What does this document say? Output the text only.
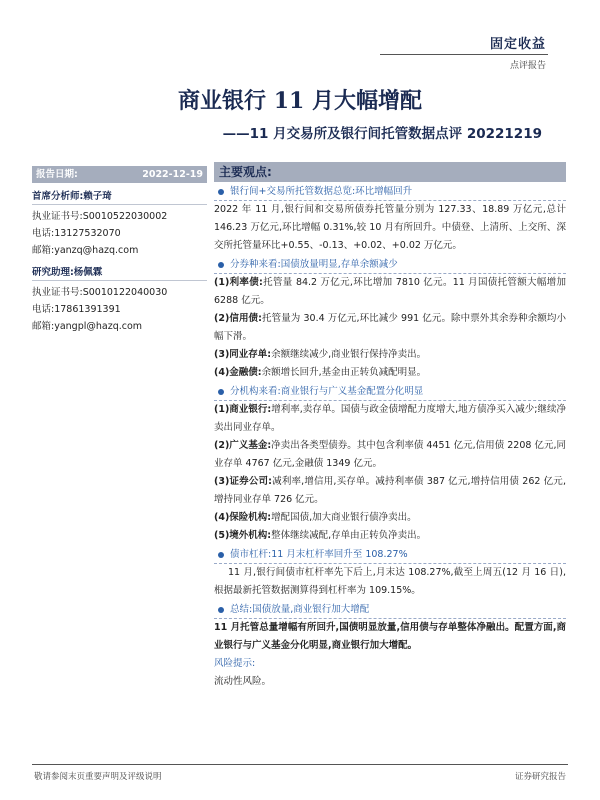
固定收益
点评报告
商业银行 11 月大幅增配
——11 月交易所及银行间托管数据点评 20221219
报告日期:	2022-12-19
首席分析师:赖子琦
执业证书号:S0010522030002
电话:13127532070
邮箱:yanzq@hazq.com
研究助理:杨佩霖
执业证书号:S0010122040030
电话:17861391391
邮箱:yangpl@hazq.com
主要观点:
银行间+交易所托管数据总览:环比增幅回升
2022 年 11 月,银行间和交易所债券托管量分别为 127.33、18.89 万亿元,总计 146.23 万亿元,环比增幅 0.31%,较 10 月有所回升。中债登、上清所、上交所、深交所托管量环比+0.55、-0.13、+0.02、+0.02 万亿元。
分券种来看:国债放量明显,存单余额减少
(1)利率债:托管量 84.2 万亿元,环比增加 7810 亿元。11 月国债托管额大幅增加 6288 亿元。
(2)信用债:托管量为 30.4 万亿元,环比减少 991 亿元。除中票外其余券种余额均小幅下滑。
(3)同业存单:余额继续减少,商业银行保持净卖出。
(4)金融债:余额增长回升,基金由正转负减配明显。
分机构来看:商业银行与广义基金配置分化明显
(1)商业银行:增利率,卖存单。国债与政金债增配力度增大,地方债净买入减少;继续净卖出同业存单。
(2)广义基金:净卖出各类型债券。其中包含利率债 4451 亿元,信用债 2208 亿元,同业存单 4767 亿元,金融债 1349 亿元。
(3)证券公司:减利率,增信用,买存单。减持利率债 387 亿元,增持信用债 262 亿元,增持同业存单 726 亿元。
(4)保险机构:增配国债,加大商业银行债净卖出。
(5)境外机构:整体继续减配,存单由正转负净卖出。
债市杠杆:11 月末杠杆率回升至 108.27%
11 月,银行间债市杠杆率先下后上,月末达 108.27%,截至上周五(12 月 16 日),根据最新托管数据测算得到杠杆率为 109.15%。
总结:国债放量,商业银行加大增配
11 月托管总量增幅有所回升,国债明显放量,信用债与存单整体净融出。配置方面,商业银行与广义基金分化明显,商业银行加大增配。
风险提示:
流动性风险。
敬请参阅末页重要声明及评级说明	证券研究报告
